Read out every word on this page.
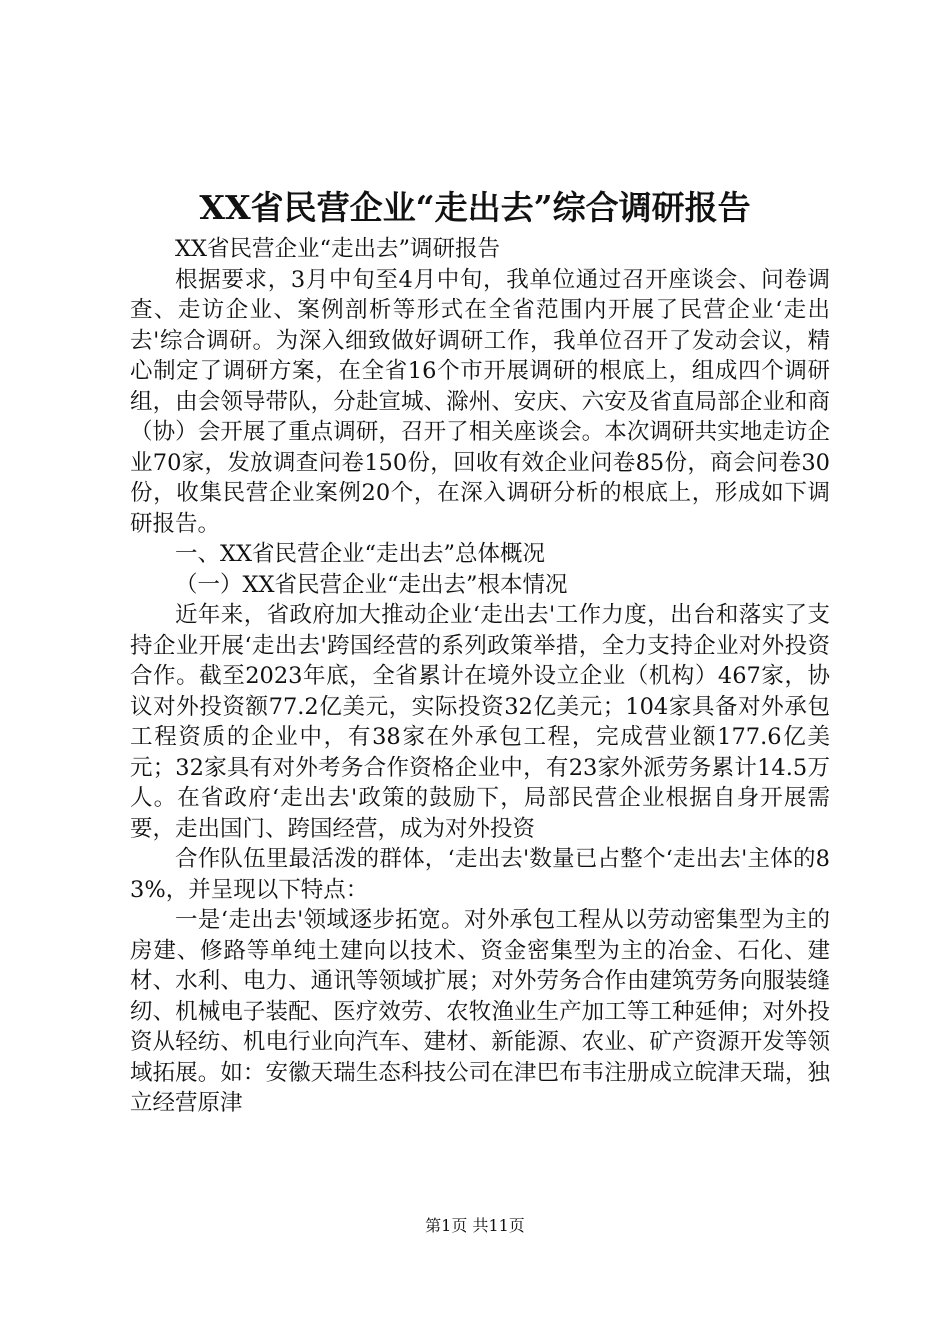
XX省民营企业“走出去”综合调研报告

XX省民营企业“走出去”调研报告

根据要求，3月中旬至4月中旬，我单位通过召开座谈会、问卷调查、走访企业、案例剖析等形式在全省范围内开展了民营企业‘走出去'综合调研。为深入细致做好调研工作，我单位召开了发动会议，精心制定了调研方案，在全省16个市开展调研的根底上，组成四个调研组，由会领导带队，分赴宣城、滁州、安庆、六安及省直局部企业和商（协）会开展了重点调研，召开了相关座谈会。本次调研共实地走访企业70家，发放调查问卷150份，回收有效企业问卷85份，商会问卷30份，收集民营企业案例20个，在深入调研分析的根底上，形成如下调研报告。

一、XX省民营企业“走出去”总体概况

（一）XX省民营企业“走出去”根本情况

近年来，省政府加大推动企业‘走出去'工作力度，出台和落实了支持企业开展‘走出去'跨国经营的系列政策举措，全力支持企业对外投资合作。截至2023年底，全省累计在境外设立企业（机构）467家，协议对外投资额77.2亿美元，实际投资32亿美元；104家具备对外承包工程资质的企业中，有38家在外承包工程，完成营业额177.6亿美元；32家具有对外考务合作资格企业中，有23家外派劳务累计14.5万人。在省政府‘走出去'政策的鼓励下，局部民营企业根据自身开展需要，走出国门、跨国经营，成为对外投资

合作队伍里最活泼的群体，‘走出去'数量已占整个‘走出去'主体的83%，并呈现以下特点：

一是‘走出去'领域逐步拓宽。对外承包工程从以劳动密集型为主的房建、修路等单纯土建向以技术、资金密集型为主的冶金、石化、建材、水利、电力、通讯等领域扩展；对外劳务合作由建筑劳务向服装缝纫、机械电子装配、医疗效劳、农牧渔业生产加工等工种延伸；对外投资从轻纺、机电行业向汽车、建材、新能源、农业、矿产资源开发等领域拓展。如：安徽天瑞生态科技公司在津巴布韦注册成立皖津天瑞，独立经营原津

第1页 共11页
